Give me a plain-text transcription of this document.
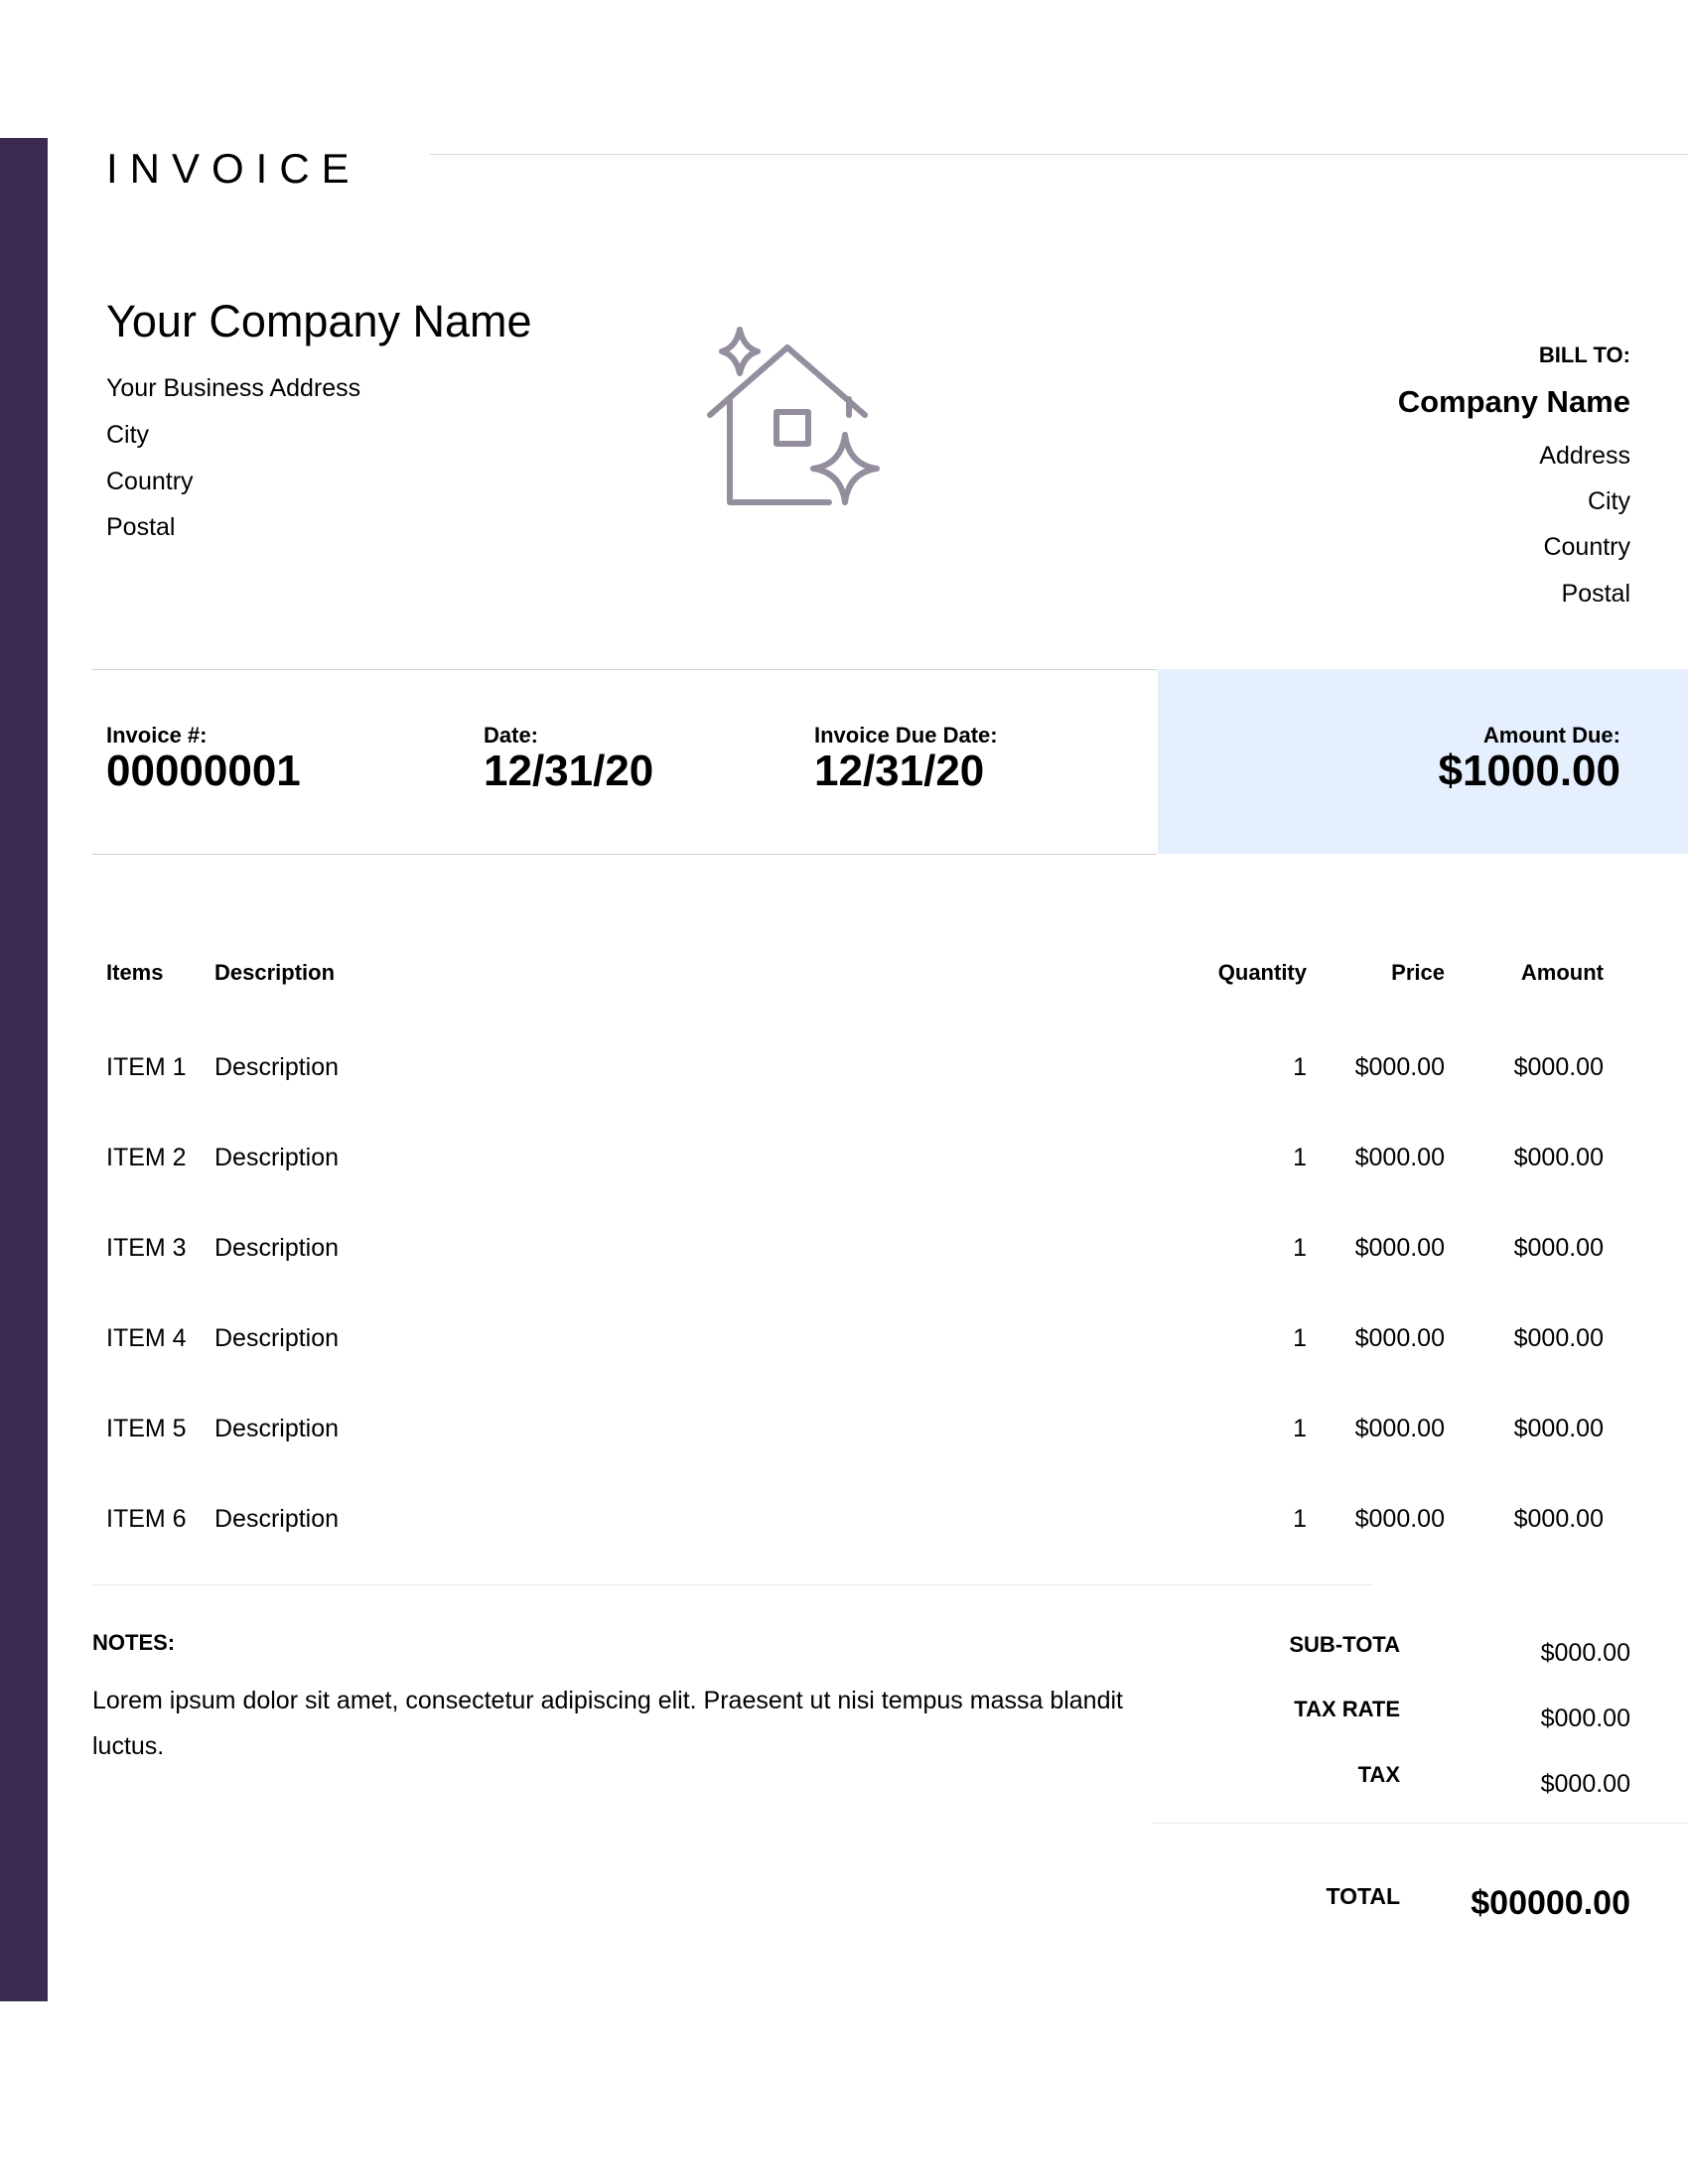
INVOICE
Your Company Name
Your Business Address
City
Country
Postal
BILL TO:
Company Name
Address
City
Country
Postal
Invoice #:
00000001
Date:
12/31/20
Invoice Due Date:
12/31/20
Amount Due:
$1000.00
Items Description	Quantity	Price	Amount
ITEM 1 Description	1 $000.00	$000.00
ITEM 2 Description	1 $000.00	$000.00
ITEM 3 Description	1 $000.00	$000.00
ITEM 4 Description	1 $000.00	$000.00
ITEM 5 Description	1 $000.00	$000.00
ITEM 6 Description	1 $000.00	$000.00
NOTES:
Lorem ipsum dolor sit amet, consectetur adipiscing elit. Praesent ut nisi tempus massa blandit luctus.
SUB-TOTA	$000.00
TAX RATE	$000.00
TAX	$000.00
TOTAL $00000.00
